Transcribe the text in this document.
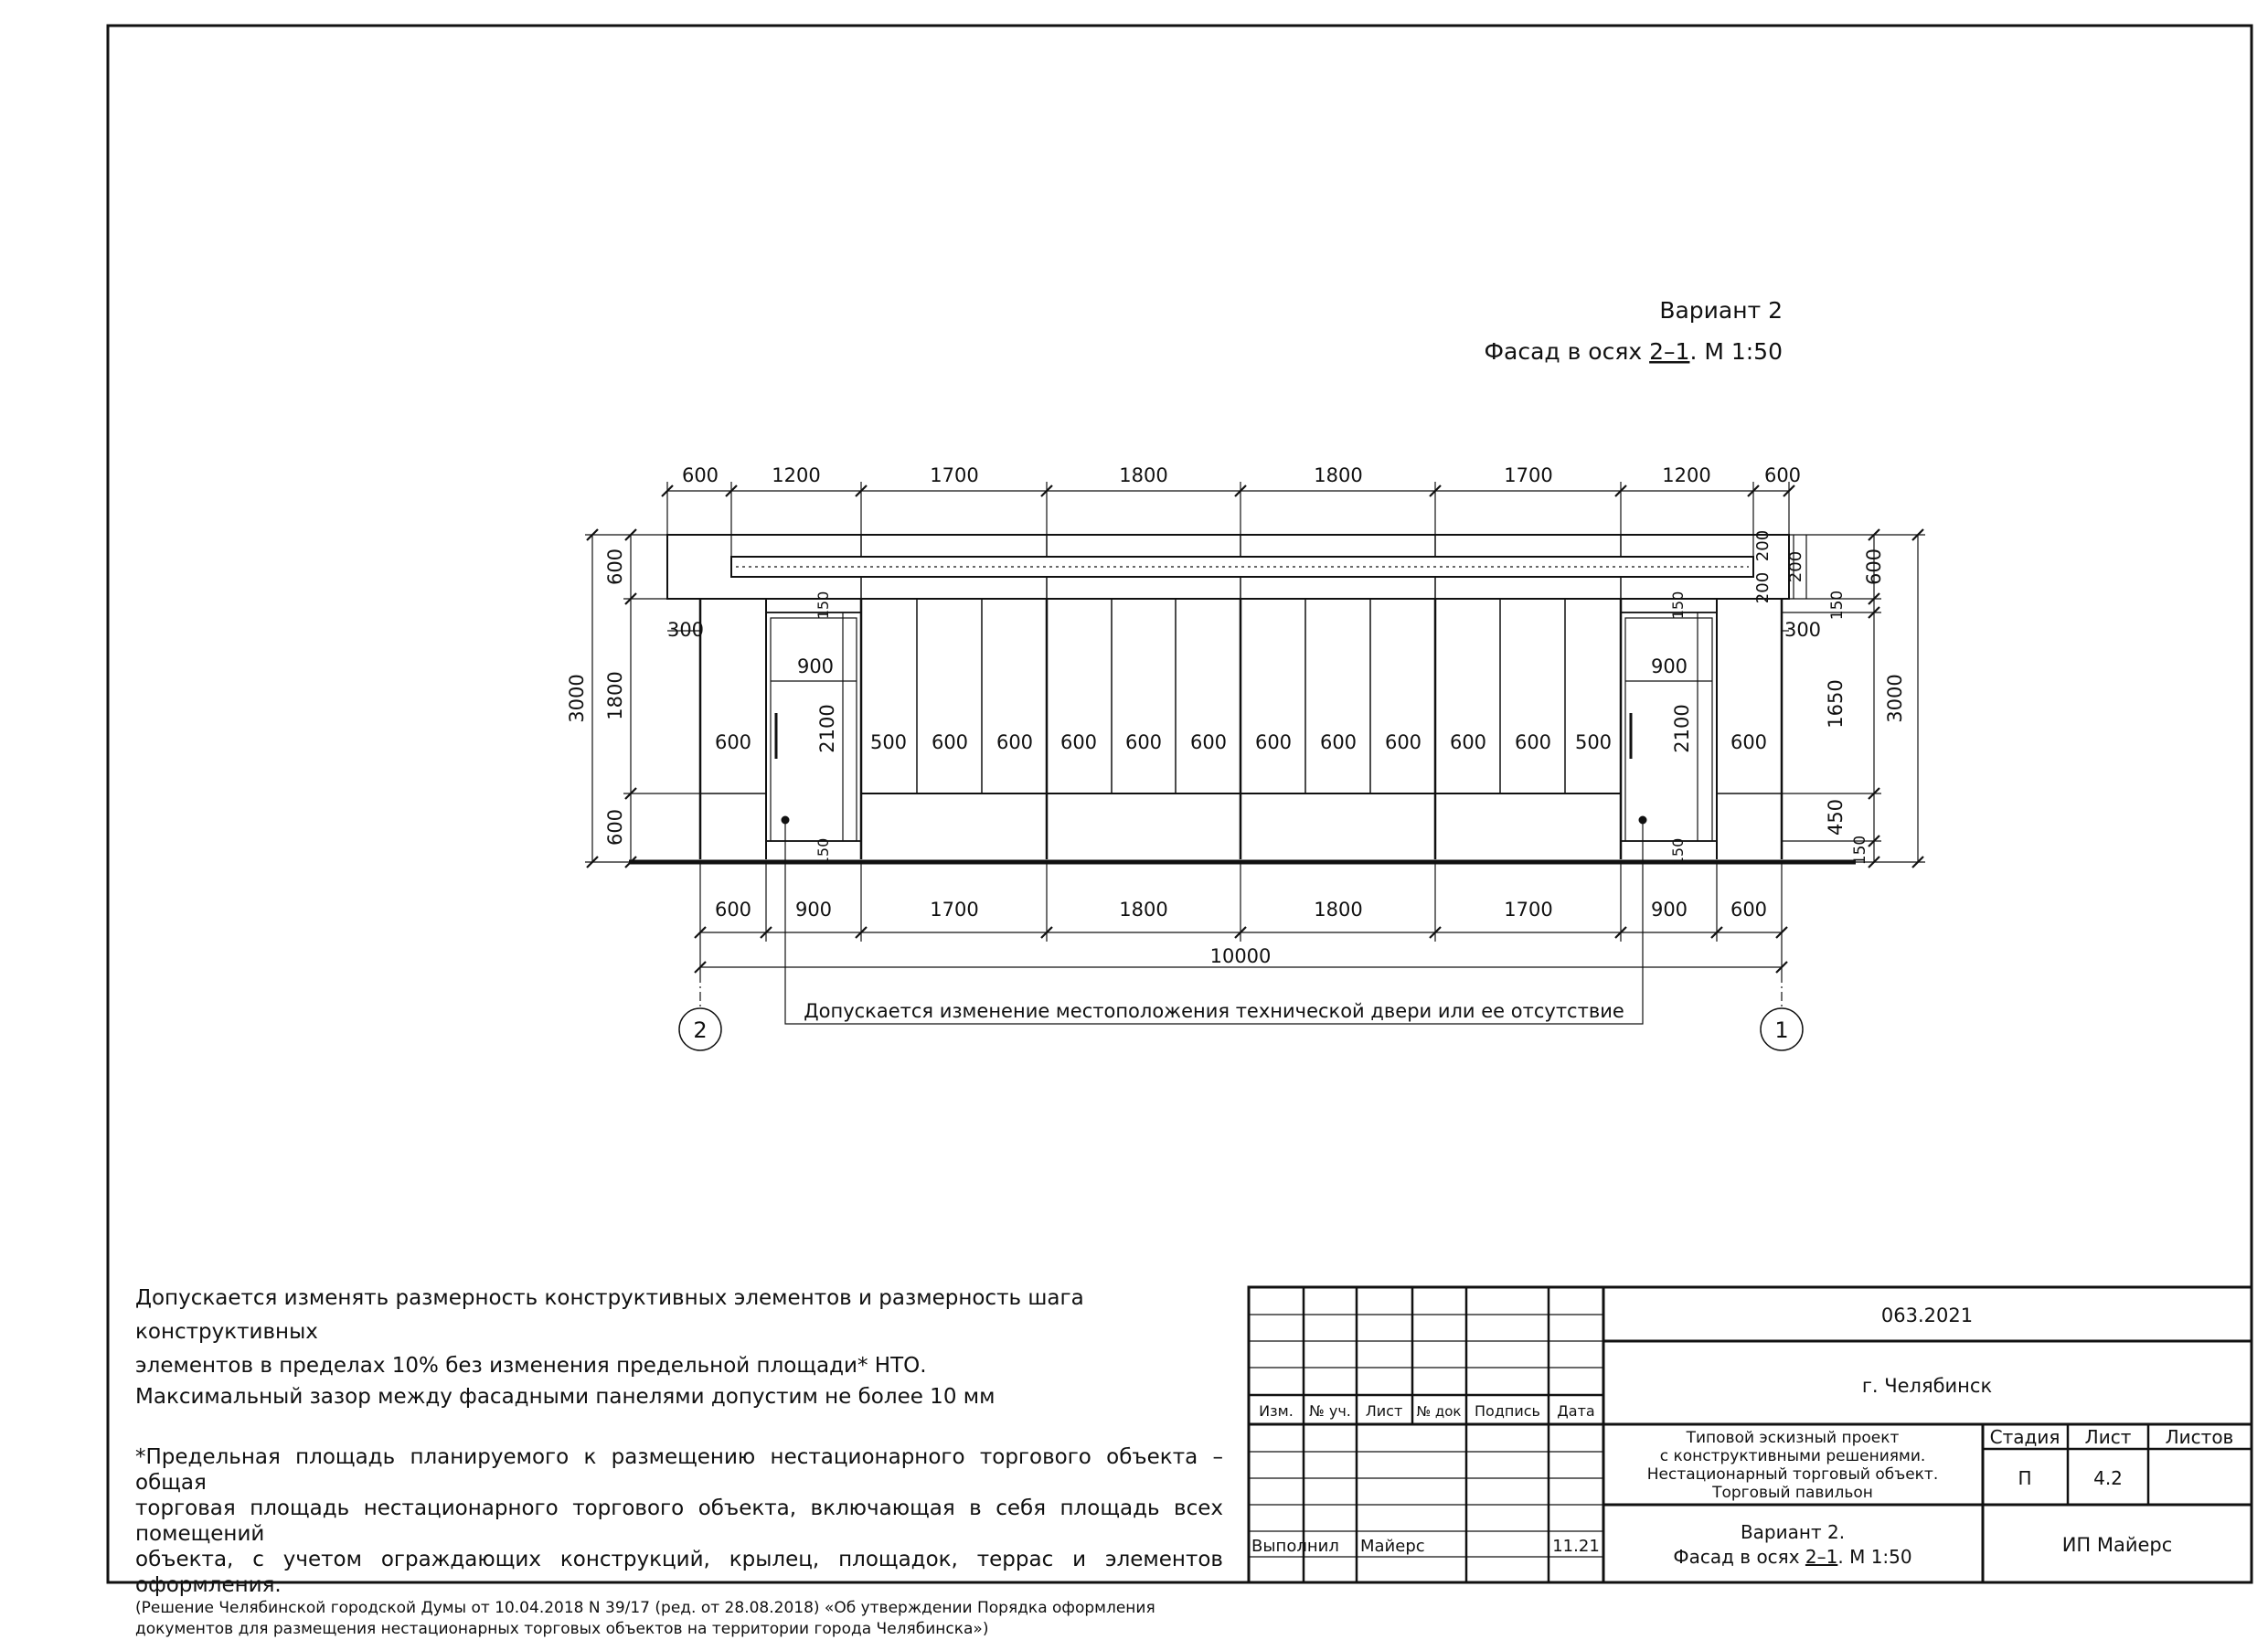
Вариант 2
Фасад в осях 2–1. М 1:50
600	1200	1700	1800	1800	1700	1200	600
600 900	1700	1800	1800	1700	900 600
10000
3000
600
1800
600
3000
600
150
1650
450
150
200
200
200
300	300
900	900
2100	2100
150	150
150	150
600	600
500 600 600 600 600 600 600 600 600 600 600 500
Допускается изменение местоположения технической двери или ее отсутствие
2	1
063.2021
г. Челябинск
Изм. № уч. Лист № док Подпись Дата
Типовой эскизный проект
с конструктивными решениями.
Нестационарный торговый объект.
Торговый павильон
Стадия Лист Листов
П	4.2
Выполнил Майерс	11.21
Вариант 2.
Фасад в осях 2–1. М 1:50
ИП Майерс
Допускается изменять размерность конструктивных элементов и размерность шага конструктивных
элементов в пределах 10% без изменения предельной площади* НТО.
Максимальный зазор между фасадными панелями допустим не более 10 мм
*Предельная площадь планируемого к размещению нестационарного торгового объекта – общая
торговая площадь нестационарного торгового объекта, включающая в себя площадь всех помещений
объекта, с учетом ограждающих конструкций, крылец, площадок, террас и элементов оформления.
(Решение Челябинской городской Думы от 10.04.2018 N 39/17 (ред. от 28.08.2018) «Об утверждении Порядка оформления
документов для размещения нестационарных торговых объектов на территории города Челябинска»)
